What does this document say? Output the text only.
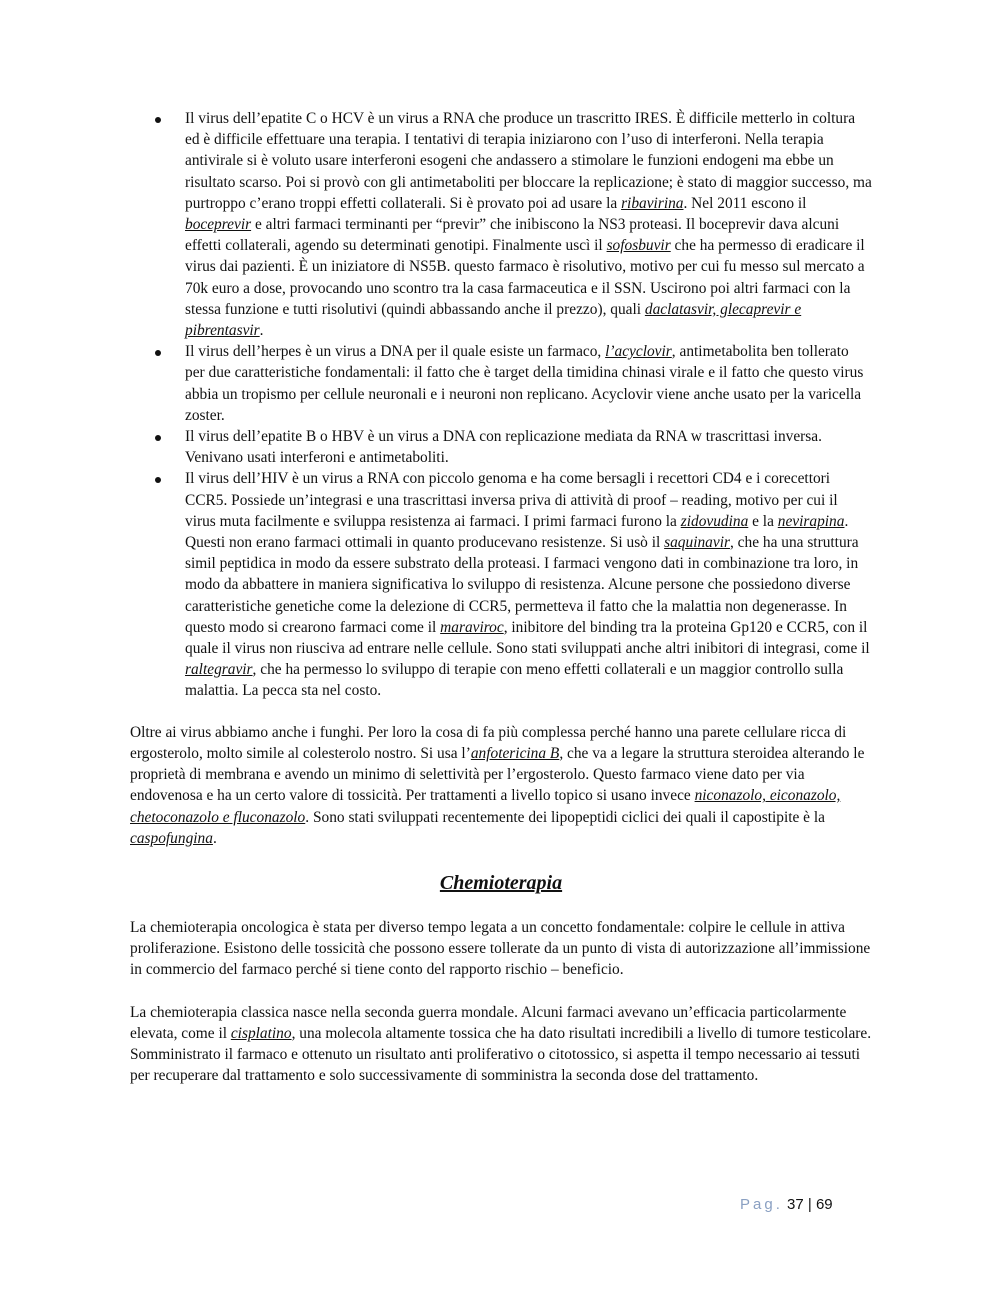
Il virus dell’epatite C o HCV è un virus a RNA che produce un trascritto IRES. È difficile metterlo in coltura ed è difficile effettuare una terapia. I tentativi di terapia iniziarono con l’uso di interferoni. Nella terapia antivirale si è voluto usare interferoni esogeni che andassero a stimolare le funzioni endogeni ma ebbe un risultato scarso. Poi si provò con gli antimetaboliti per bloccare la replicazione; è stato di maggior successo, ma purtroppo c’erano troppi effetti collaterali. Si è provato poi ad usare la ribavirina. Nel 2011 escono il boceprevir e altri farmaci terminanti per “previr” che inibiscono la NS3 proteasi. Il boceprevir dava alcuni effetti collaterali, agendo su determinati genotipi. Finalmente uscì il sofosbuvir che ha permesso di eradicare il virus dai pazienti. È un iniziatore di NS5B. questo farmaco è risolutivo, motivo per cui fu messo sul mercato a 70k euro a dose, provocando uno scontro tra la casa farmaceutica e il SSN. Uscirono poi altri farmaci con la stessa funzione e tutti risolutivi (quindi abbassando anche il prezzo), quali daclatasvir, glecaprevir e pibrentasvir.
Il virus dell’herpes è un virus a DNA per il quale esiste un farmaco, l’acyclovir, antimetabolita ben tollerato per due caratteristiche fondamentali: il fatto che è target della timidina chinasi virale e il fatto che questo virus abbia un tropismo per cellule neuronali e i neuroni non replicano. Acyclovir viene anche usato per la varicella zoster.
Il virus dell’epatite B o HBV è un virus a DNA con replicazione mediata da RNA w trascrittasi inversa. Venivano usati interferoni e antimetaboliti.
Il virus dell’HIV è un virus a RNA con piccolo genoma e ha come bersagli i recettori CD4 e i corecettori CCR5. Possiede un’integrasi e una trascrittasi inversa priva di attività di proof – reading, motivo per cui il virus muta facilmente e sviluppa resistenza ai farmaci. I primi farmaci furono la zidovudina e la nevirapina. Questi non erano farmaci ottimali in quanto producevano resistenze. Si usò il saquinavir, che ha una struttura simil peptidica in modo da essere substrato della proteasi. I farmaci vengono dati in combinazione tra loro, in modo da abbattere in maniera significativa lo sviluppo di resistenza. Alcune persone che possiedono diverse caratteristiche genetiche come la delezione di CCR5, permetteva il fatto che la malattia non degenerasse. In questo modo si crearono farmaci come il maraviroc, inibitore del binding tra la proteina Gp120 e CCR5, con il quale il virus non riusciva ad entrare nelle cellule. Sono stati sviluppati anche altri inibitori di integrasi, come il raltegravir, che ha permesso lo sviluppo di terapie con meno effetti collaterali e un maggior controllo sulla malattia. La pecca sta nel costo.

Oltre ai virus abbiamo anche i funghi. Per loro la cosa di fa più complessa perché hanno una parete cellulare ricca di ergosterolo, molto simile al colesterolo nostro. Si usa l’anfotericina B, che va a legare la struttura steroidea alterando le proprietà di membrana e avendo un minimo di selettività per l’ergosterolo. Questo farmaco viene dato per via endovenosa e ha un certo valore di tossicità. Per trattamenti a livello topico si usano invece niconazolo, eiconazolo, chetoconazolo e fluconazolo. Sono stati sviluppati recentemente dei lipopeptidi ciclici dei quali il capostipite è la caspofungina.

Chemioterapia

La chemioterapia oncologica è stata per diverso tempo legata a un concetto fondamentale: colpire le cellule in attiva proliferazione. Esistono delle tossicità che possono essere tollerate da un punto di vista di autorizzazione all’immissione in commercio del farmaco perché si tiene conto del rapporto rischio – beneficio.

La chemioterapia classica nasce nella seconda guerra mondale. Alcuni farmaci avevano un’efficacia particolarmente elevata, come il cisplatino, una molecola altamente tossica che ha dato risultati incredibili a livello di tumore testicolare.

Somministrato il farmaco e ottenuto un risultato anti proliferativo o citotossico, si aspetta il tempo necessario ai tessuti per recuperare dal trattamento e solo successivamente di somministra la seconda dose del trattamento.

Pag. 37 | 69
